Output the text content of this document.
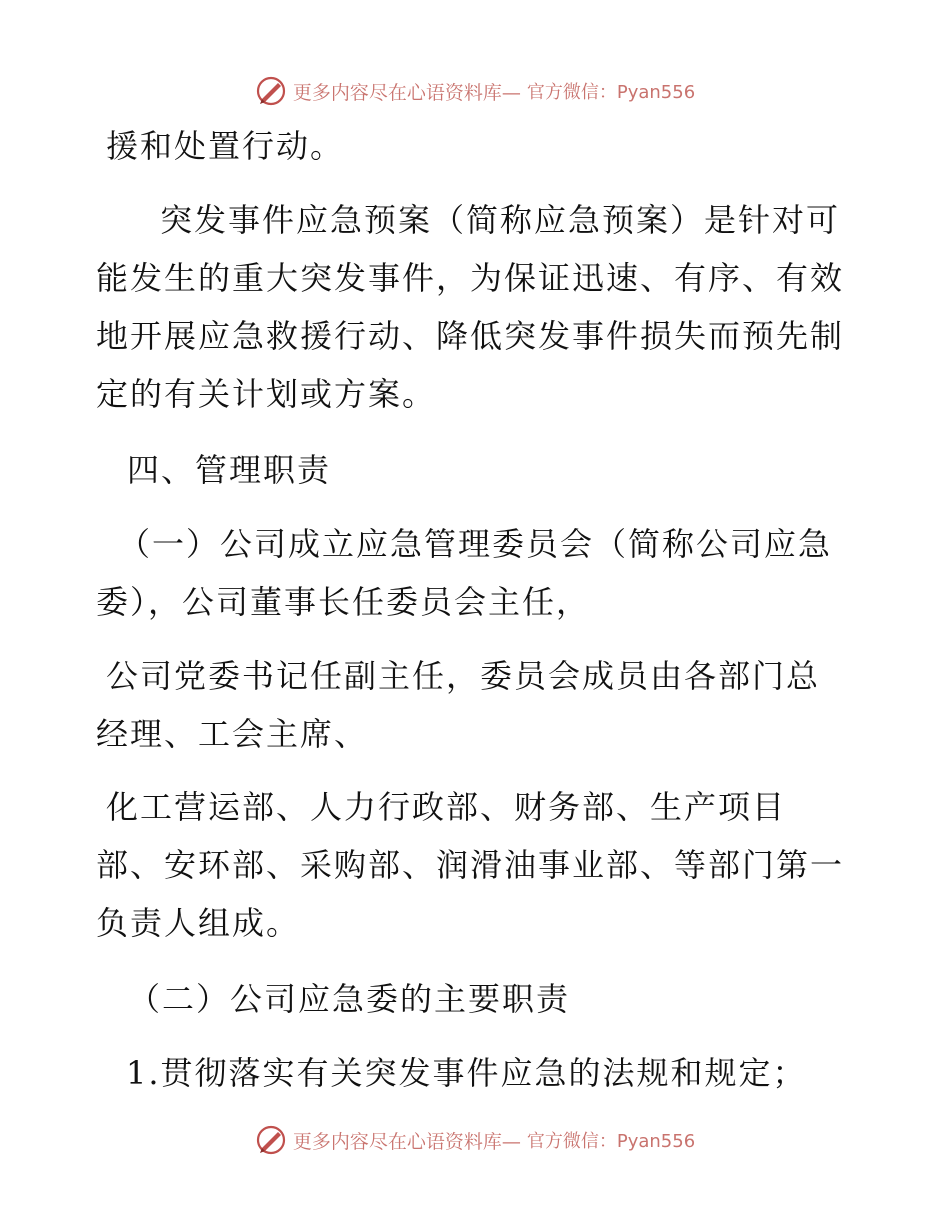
更多内容尽在心语资料库— 官方微信：Pyan556

援和处置行动。

突发事件应急预案（简称应急预案）是针对可
能发生的重大突发事件，为保证迅速、有序、有效
地开展应急救援行动、降低突发事件损失而预先制
定的有关计划或方案。

四、管理职责

（一）公司成立应急管理委员会（简称公司应急
委），公司董事长任委员会主任，

公司党委书记任副主任，委员会成员由各部门总
经理、工会主席、

化工营运部、人力行政部、财务部、生产项目
部、安环部、采购部、润滑油事业部、等部门第一
负责人组成。

（二）公司应急委的主要职责

1.贯彻落实有关突发事件应急的法规和规定；

更多内容尽在心语资料库— 官方微信：Pyan556
